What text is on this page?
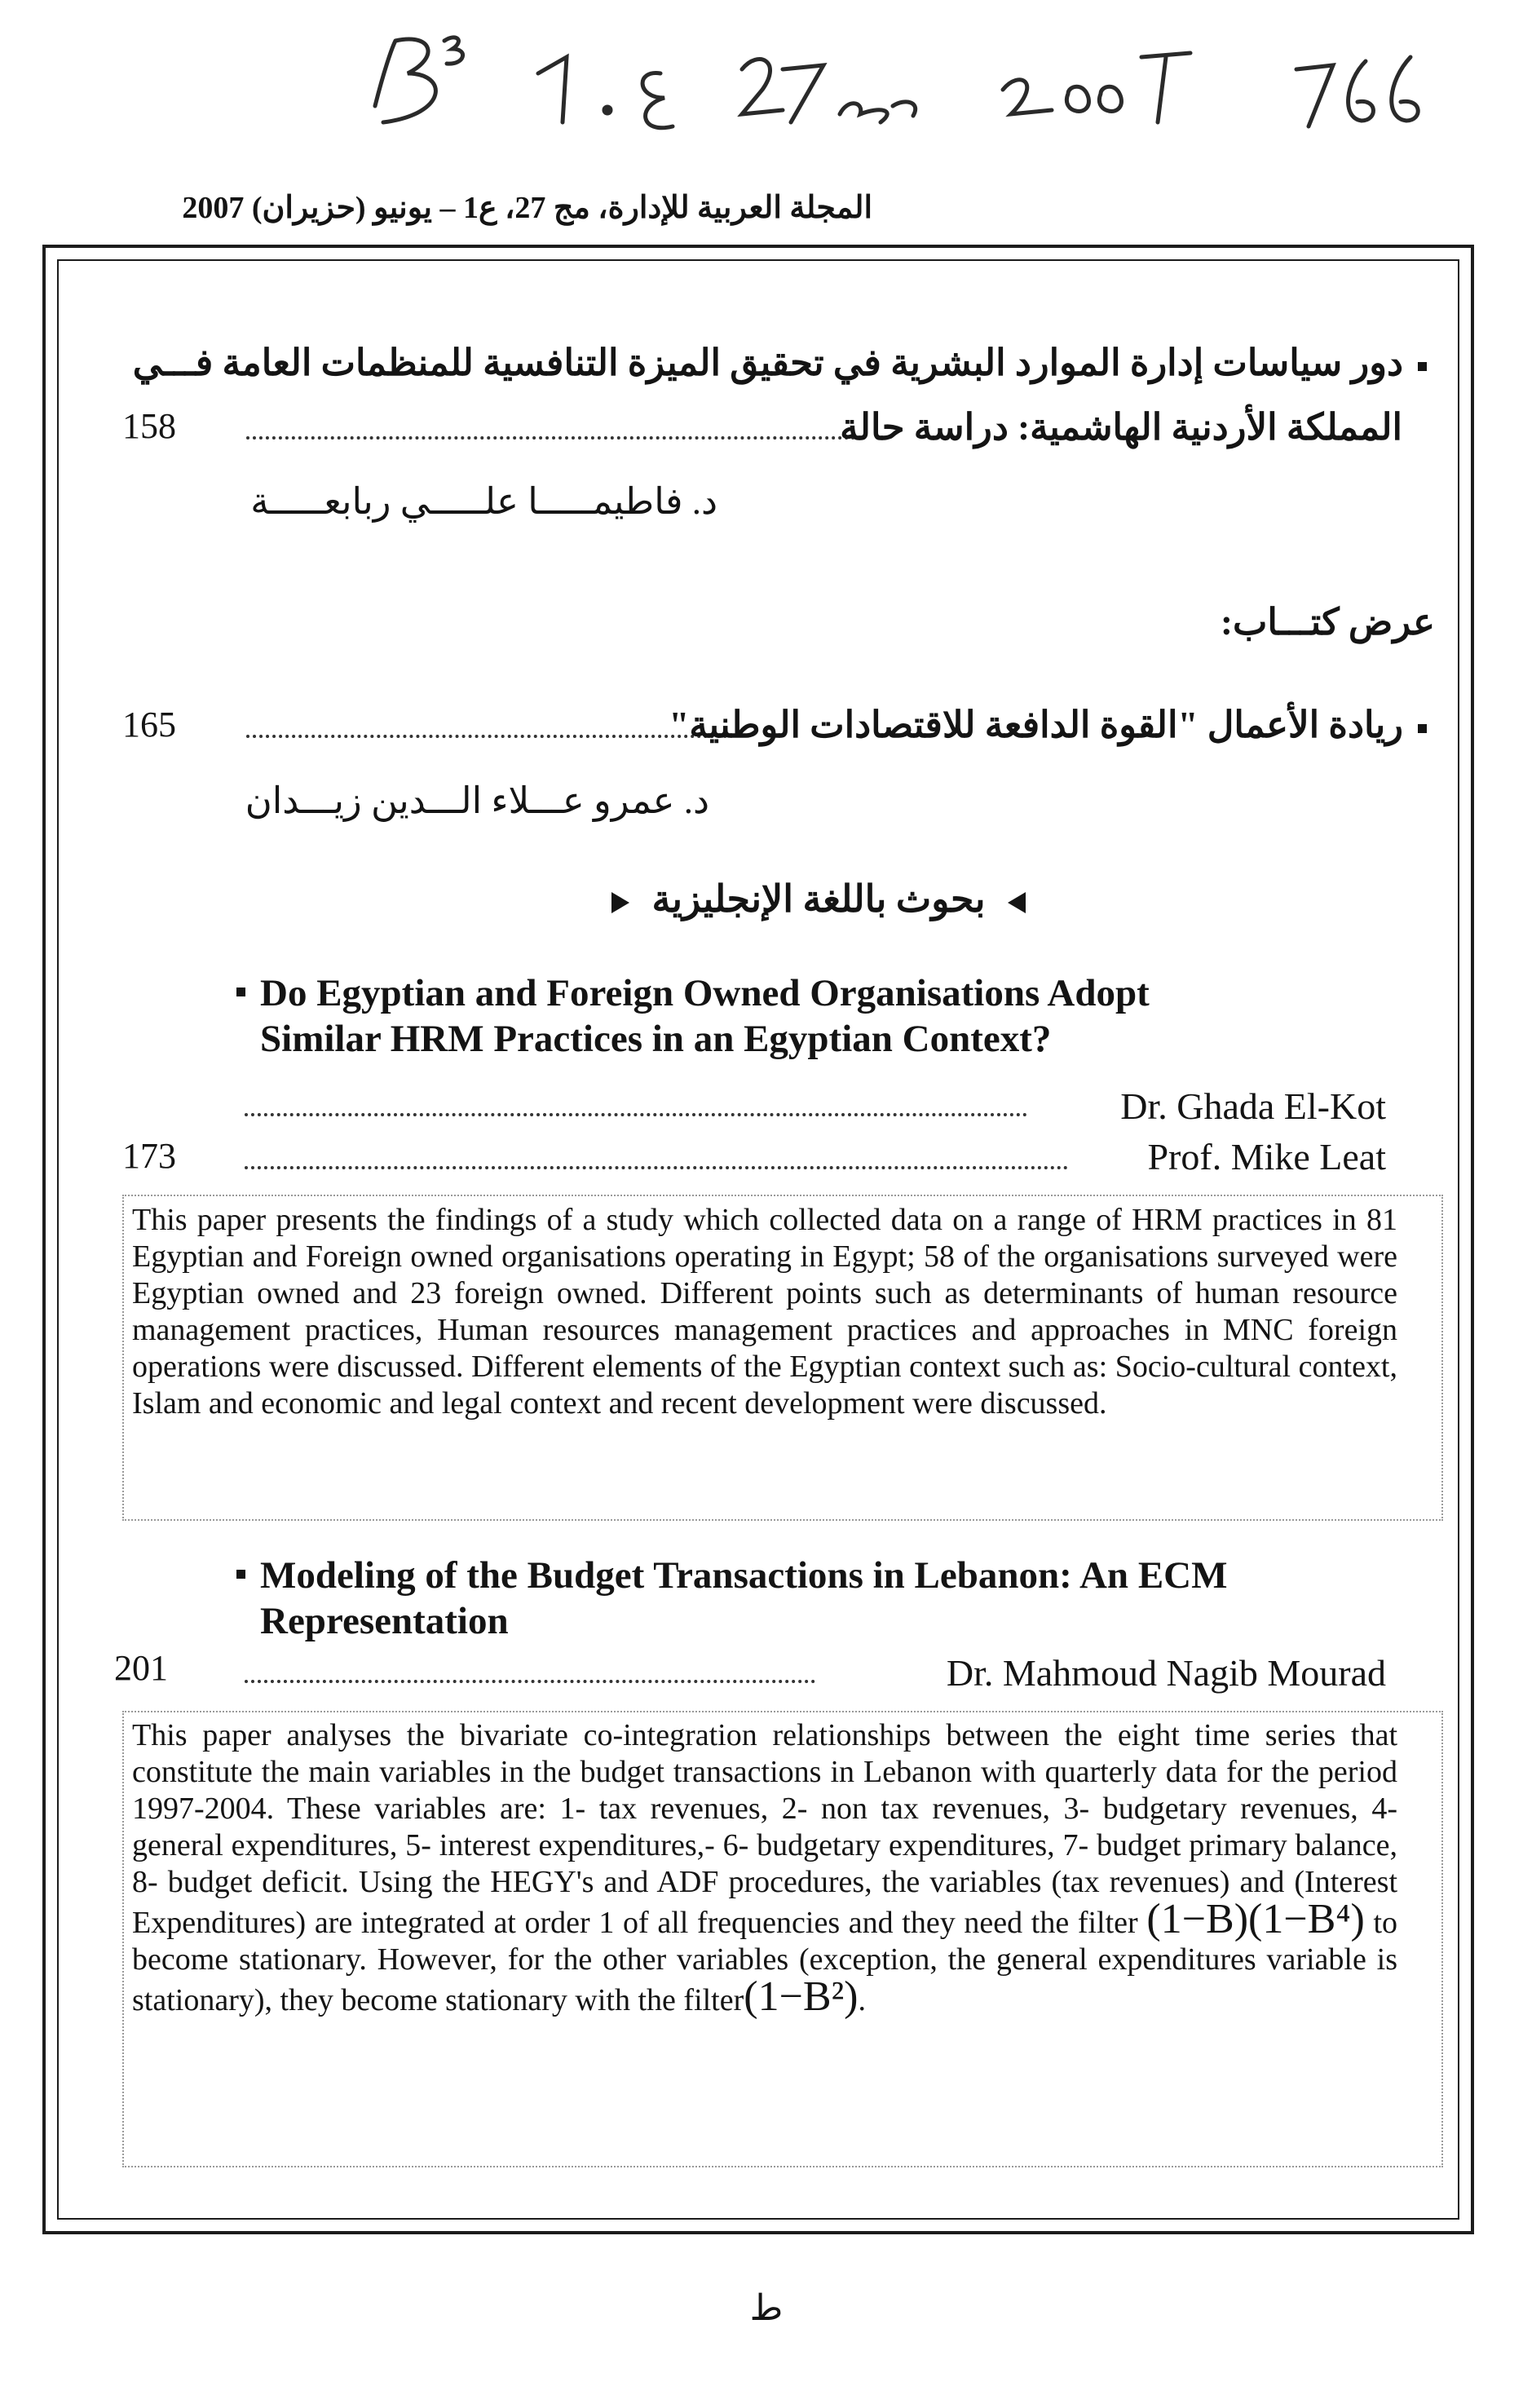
المجلة العربية للإدارة، مج 27، ع1 – يونيو (حزيران) 2007
دور سياسات إدارة الموارد البشرية في تحقيق الميزة التنافسية للمنظمات العامة فـــي
158	المملكة الأردنية الهاشمية: دراسة حالة
د. فاطيمـــــا علـــــي ربابعـــــة
عرض كتـــاب:
165	ريادة الأعمال "القوة الدافعة للاقتصادات الوطنية"
د. عمرو عـــلاء الـــدين زيـــدان
بحوث باللغة الإنجليزية
Do Egyptian and Foreign Owned Organisations Adopt
Similar HRM Practices in an Egyptian Context?
Dr. Ghada El-Kot
173	Prof. Mike Leat

This paper presents the findings of a study which collected data on a range of HRM practices in 81 Egyptian and Foreign owned organisations operating in Egypt; 58 of the organisations surveyed were Egyptian owned and 23 foreign owned. Different points such as determinants of human resource management practices, Human resources management practices and approaches in MNC foreign operations were discussed. Different elements of the Egyptian context such as: Socio-cultural context, Islam and economic and legal context and recent development were discussed.

Modeling of the Budget Transactions in Lebanon: An ECM
Representation
201	Dr. Mahmoud Nagib Mourad

This paper analyses the bivariate co-integration relationships between the eight time series that constitute the main variables in the budget transactions in Lebanon with quarterly data for the period 1997-2004. These variables are: 1- tax revenues, 2- non tax revenues, 3- budgetary revenues, 4- general expenditures, 5- interest expenditures,- 6- budgetary expenditures, 7- budget primary balance, 8- budget deficit. Using the HEGY's and ADF procedures, the variables (tax revenues) and (Interest Expenditures) are integrated at order 1 of all frequencies and they need the filter (1−B)(1−B⁴) to become stationary. However, for the other variables (exception, the general expenditures variable is stationary), they become stationary with the filter(1−B²).

ط
